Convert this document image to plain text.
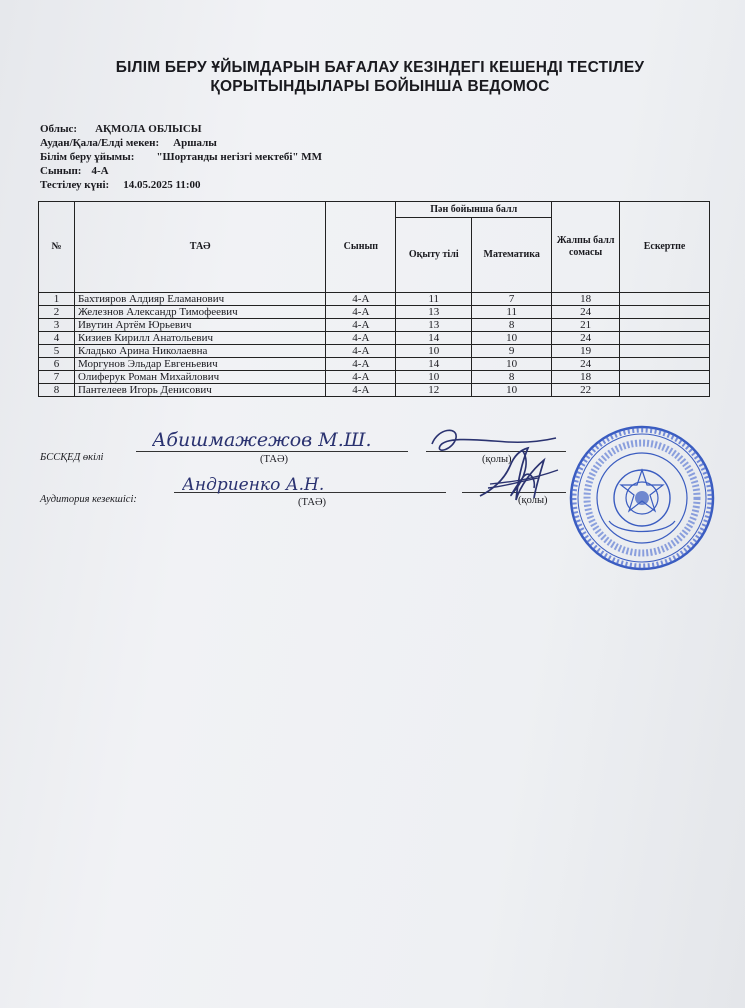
БІЛІМ БЕРУ ҰЙЫМДАРЫН БАҒАЛАУ КЕЗІНДЕГІ КЕШЕНДІ ТЕСТІЛЕУ
ҚОРЫТЫНДЫЛАРЫ БОЙЫНША ВЕДОМОС
Облыс: АҚМОЛА ОБЛЫСЫ
Аудан/Қала/Елді мекен: Аршалы
Білім беру ұйымы: "Шортанды негізгі мектебі" ММ
Сынып: 4-А
Тестілеу күні: 14.05.2025 11:00
№	ТАӘ	Сынып	Пән бойынша балл		Жалпы балл сомасы	Ескертпе
			Оқыту тілі	Математика		
1	Бахтияров Алдияр Еламанович	4-А	11	7	18	
2	Железнов Александр Тимофеевич	4-А	13	11	24	
3	Ивутин Артём Юрьевич	4-А	13	8	21	
4	Кизиев Кирилл Анатольевич	4-А	14	10	24	
5	Кладько Арина Николаевна	4-А	10	9	19	
6	Моргунов Эльдар Евгеньевич	4-А	14	10	24	
7	Олиферук Роман Михайлович	4-А	10	8	18	
8	Пантелеев Игорь Денисович	4-А	12	10	22	
БССҚЕД өкілі	(ТАӘ)	(қолы)
Абишмажежов М.Ш.
Аудитория кезекшісі:	(ТАӘ)	(қолы)
Андриенко А.Н.
